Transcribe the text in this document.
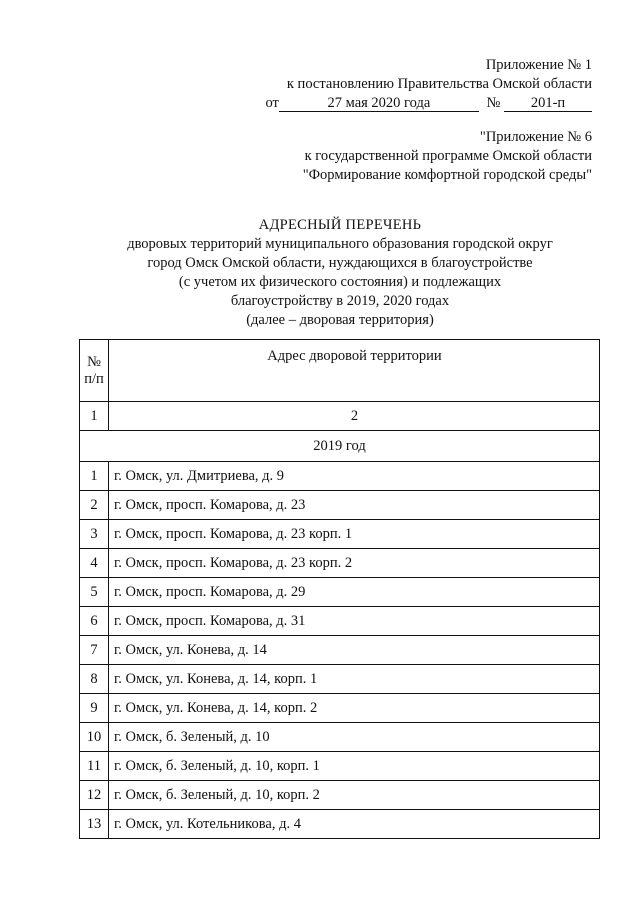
Приложение № 1
к постановлению Правительства Омской области
от	27 мая 2020 года	№ 201-п
"Приложение № 6
к государственной программе Омской области
"Формирование комфортной городской среды"
АДРЕСНЫЙ ПЕРЕЧЕНЬ
дворовых территорий муниципального образования городской округ
город Омск Омской области, нуждающихся в благоустройстве
(с учетом их физического состояния) и подлежащих
благоустройству в 2019, 2020 годах
(далее – дворовая территория)
№ п/п	Адрес дворовой территории
1	2
2019 год	
1	г. Омск, ул. Дмитриева, д. 9
2	г. Омск, просп. Комарова, д. 23
3	г. Омск, просп. Комарова, д. 23 корп. 1
4	г. Омск, просп. Комарова, д. 23 корп. 2
5	г. Омск, просп. Комарова, д. 29
6	г. Омск, просп. Комарова, д. 31
7	г. Омск, ул. Конева, д. 14
8	г. Омск, ул. Конева, д. 14, корп. 1
9	г. Омск, ул. Конева, д. 14, корп. 2
10	г. Омск, б. Зеленый, д. 10
11	г. Омск, б. Зеленый, д. 10, корп. 1
12	г. Омск, б. Зеленый, д. 10, корп. 2
13	г. Омск, ул. Котельникова, д. 4
